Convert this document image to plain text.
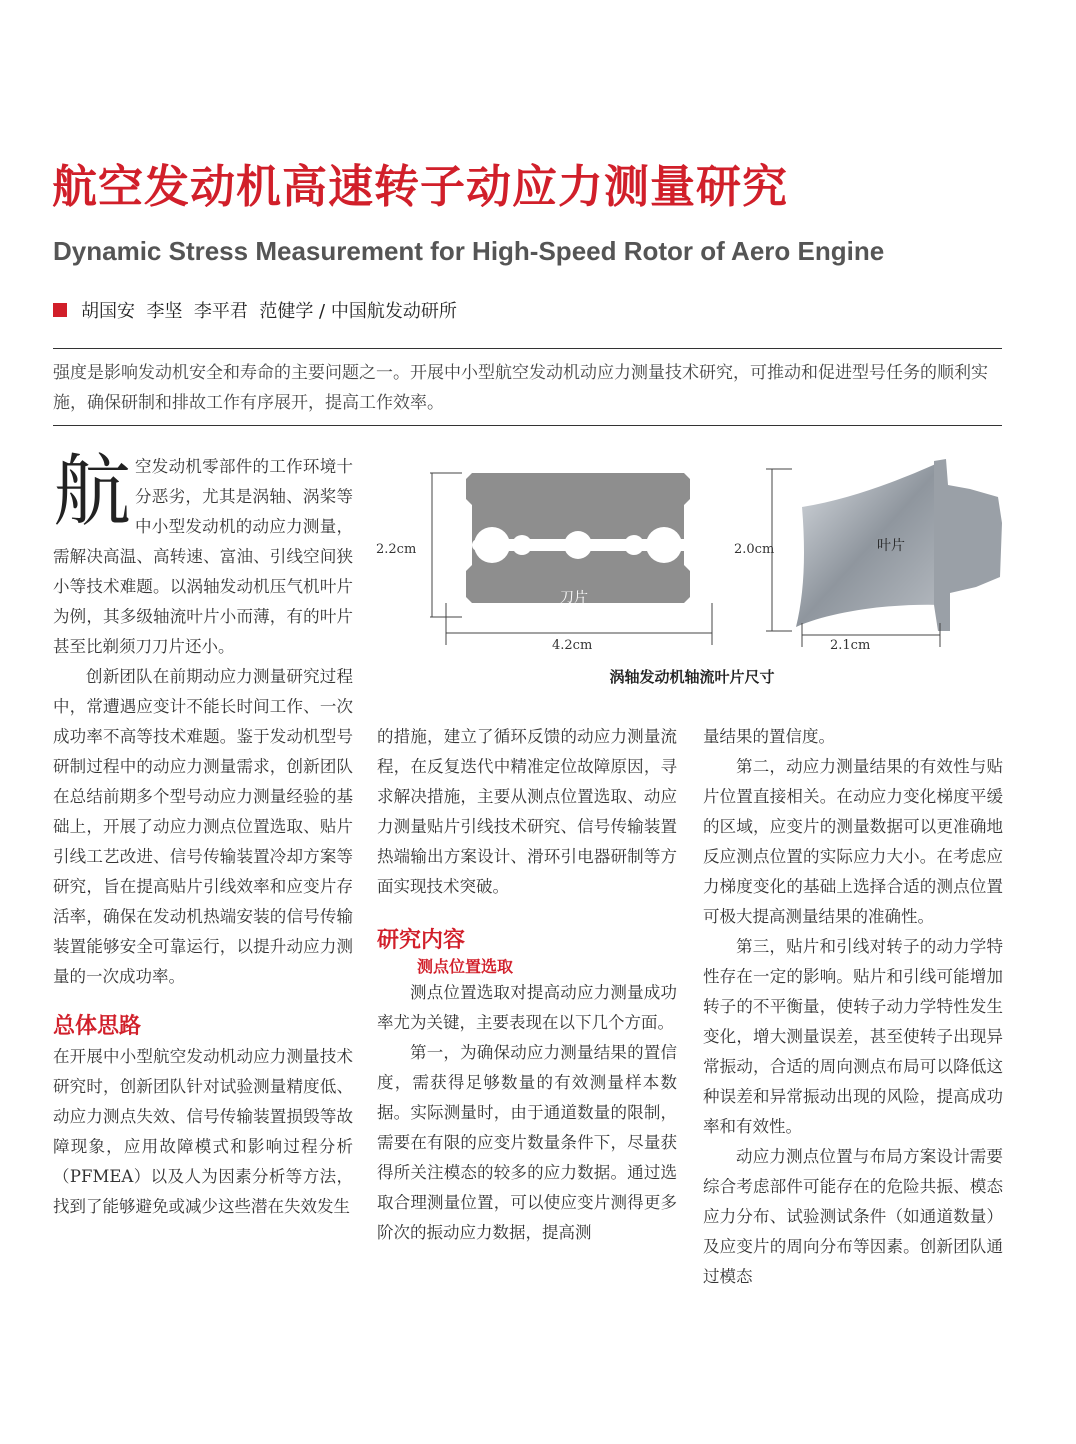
航空发动机高速转子动应力测量研究
Dynamic Stress Measurement for High-Speed Rotor of Aero Engine
胡国安  李坚  李平君  范健学 / 中国航发动研所
强度是影响发动机安全和寿命的主要问题之一。开展中小型航空发动机动应力测量技术研究，可推动和促进型号任务的顺利实施，确保研制和排故工作有序展开，提高工作效率。

航 空发动机零部件的工作环境十分恶劣，尤其是涡轴、涡桨等中小型发动机的动应力测量，需解决高温、高转速、富油、引线空间狭小等技术难题。以涡轴发动机压气机叶片为例，其多级轴流叶片小而薄，有的叶片甚至比剃须刀刀片还小。

创新团队在前期动应力测量研究过程中，常遭遇应变计不能长时间工作、一次成功率不高等技术难题。鉴于发动机型号研制过程中的动应力测量需求，创新团队在总结前期多个型号动应力测量经验的基础上，开展了动应力测点位置选取、贴片引线工艺改进、信号传输装置冷却方案等研究，旨在提高贴片引线效率和应变片存活率，确保在发动机热端安装的信号传输装置能够安全可靠运行，以提升动应力测量的一次成功率。

总体思路

在开展中小型航空发动机动应力测量技术研究时，创新团队针对试验测量精度低、动应力测点失效、信号传输装置损毁等故障现象，应用故障模式和影响过程分析（PFMEA）以及人为因素分析等方法，找到了能够避免或减少这些潜在失效发生

2.2cm
4.2cm
2.0cm
2.1cm
刀片
叶片
涡轴发动机轴流叶片尺寸

的措施，建立了循环反馈的动应力测量流程，在反复迭代中精准定位故障原因，寻求解决措施，主要从测点位置选取、动应力测量贴片引线技术研究、信号传输装置热端输出方案设计、滑环引电器研制等方面实现技术突破。

研究内容

测点位置选取

测点位置选取对提高动应力测量成功率尤为关键，主要表现在以下几个方面。

第一，为确保动应力测量结果的置信度，需获得足够数量的有效测量样本数据。实际测量时，由于通道数量的限制，需要在有限的应变片数量条件下，尽量获得所关注模态的较多的应力数据。通过选取合理测量位置，可以使应变片测得更多阶次的振动应力数据，提高测

量结果的置信度。

第二，动应力测量结果的有效性与贴片位置直接相关。在动应力变化梯度平缓的区域，应变片的测量数据可以更准确地反应测点位置的实际应力大小。在考虑应力梯度变化的基础上选择合适的测点位置可极大提高测量结果的准确性。

第三，贴片和引线对转子的动力学特性存在一定的影响。贴片和引线可能增加转子的不平衡量，使转子动力学特性发生变化，增大测量误差，甚至使转子出现异常振动，合适的周向测点布局可以降低这种误差和异常振动出现的风险，提高成功率和有效性。

动应力测点位置与布局方案设计需要综合考虑部件可能存在的危险共振、模态应力分布、试验测试条件（如通道数量）及应变片的周向分布等因素。创新团队通过模态
